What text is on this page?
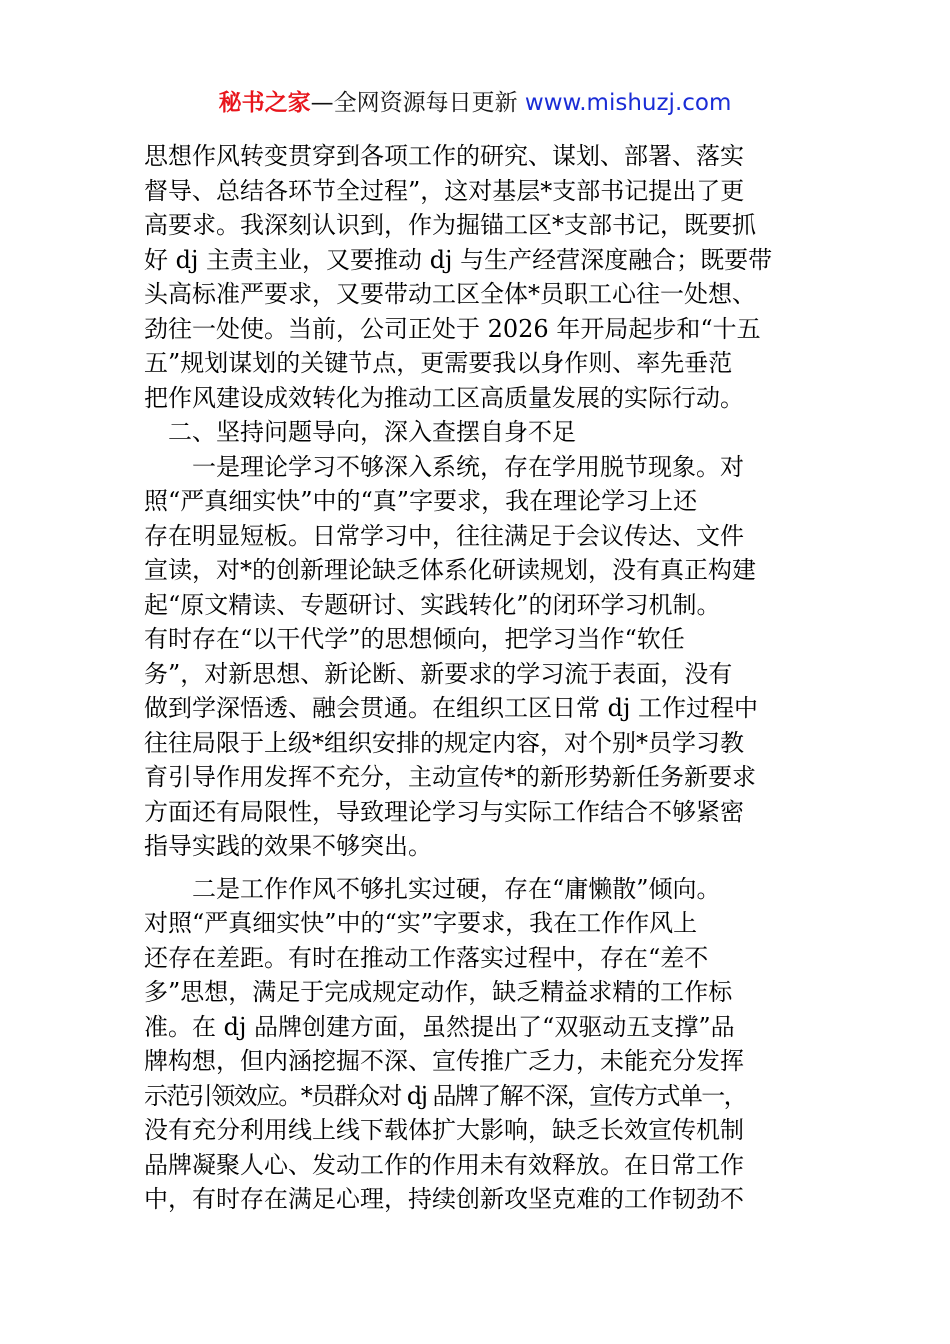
秘书之家—全网资源每日更新 www.mishuzj.com
思想作风转变贯穿到各项工作的研究、谋划、部署、落实
督导、总结各环节全过程”，这对基层*支部书记提出了更
高要求。我深刻认识到，作为掘锚工区*支部书记，既要抓
好 dj 主责主业，又要推动 dj 与生产经营深度融合；既要带
头高标准严要求，又要带动工区全体*员职工心往一处想、
劲往一处使。当前，公司正处于 2026 年开局起步和“十五
五”规划谋划的关键节点，更需要我以身作则、率先垂范
把作风建设成效转化为推动工区高质量发展的实际行动。
二、坚持问题导向，深入查摆自身不足
一是理论学习不够深入系统，存在学用脱节现象。对
照“严真细实快”中的“真”字要求，我在理论学习上还
存在明显短板。日常学习中，往往满足于会议传达、文件
宣读，对*的创新理论缺乏体系化研读规划，没有真正构建
起“原文精读、专题研讨、实践转化”的闭环学习机制。
有时存在“以干代学”的思想倾向，把学习当作“软任
务”，对新思想、新论断、新要求的学习流于表面，没有
做到学深悟透、融会贯通。在组织工区日常 dj 工作过程中
往往局限于上级*组织安排的规定内容，对个别*员学习教
育引导作用发挥不充分，主动宣传*的新形势新任务新要求
方面还有局限性，导致理论学习与实际工作结合不够紧密
指导实践的效果不够突出。
二是工作作风不够扎实过硬，存在“庸懒散”倾向。
对照“严真细实快”中的“实”字要求，我在工作作风上
还存在差距。有时在推动工作落实过程中，存在“差不
多”思想，满足于完成规定动作，缺乏精益求精的工作标
准。在 dj 品牌创建方面，虽然提出了“双驱动五支撑”品
牌构想，但内涵挖掘不深、宣传推广乏力，未能充分发挥
示范引领效应。*员群众对 dj 品牌了解不深，宣传方式单一，
没有充分利用线上线下载体扩大影响，缺乏长效宣传机制
品牌凝聚人心、发动工作的作用未有效释放。在日常工作
中，有时存在满足心理，持续创新攻坚克难的工作韧劲不
